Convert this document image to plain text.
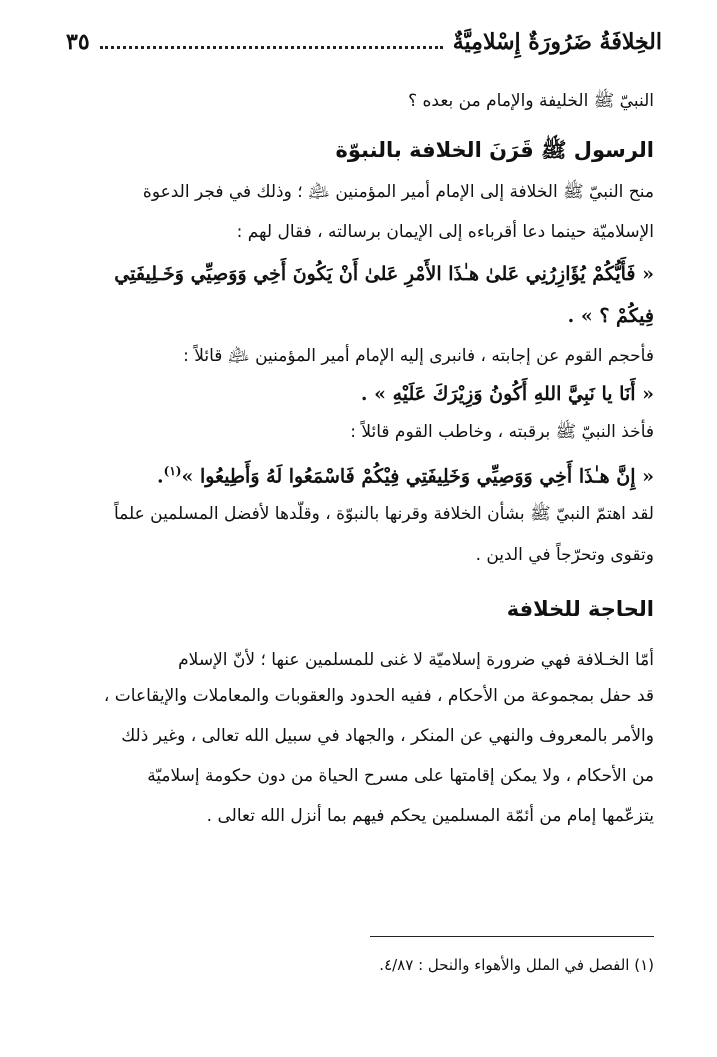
٣٥	الخِلافَةُ ضَرُورَةٌ إِسْلامِيَّةٌ
النبيّ ﷺ الخليفة والإمام من بعده ؟
الرسول ﷺ قَرَنَ الخلافة بالنبوّة
منح النبيّ ﷺ الخلافة إلى الإمام أمير المؤمنين ﵇ ؛ وذلك في فجر الدعوة
الإسلاميّة حينما دعا أقرباءه إلى الإيمان برسالته ، فقال لهم :
« فَأَيُّكُمْ يُؤَازِرُنِي عَلىٰ هـٰذَا الأَمْرِ عَلىٰ أَنْ يَكُونَ أَخِي وَوَصِيِّي وَخَـلِيفَتِي
فِيكُمْ ؟ » .
فأحجم القوم عن إجابته ، فانبرى إليه الإمام أمير المؤمنين ﵇ قائلاً :
« أَنَا يا نَبِيَّ اللهِ أَكُونُ وَزِيْرَكَ عَلَيْهِ » .
فأخذ النبيّ ﷺ برقبته ، وخاطب القوم قائلاً :
« إِنَّ هـٰذَا أَخِي وَوَصِيِّي وَخَلِيفَتِي فِيْكُمْ فَاسْمَعُوا لَهُ وَأَطِيعُوا »$^{(١)}$.
لقد اهتمّ النبيّ ﷺ بشأن الخلافة وقرنها بالنبوّة ، وقلّدها لأفضل المسلمين علماً
وتقوى وتحرّجاً في الدين .
الحاجة للخلافة
أمّا الخـلافة فهي ضرورة إسلاميّة لا غنى للمسلمين عنها ؛ لأنّ الإسلام
قد حفل بمجموعة من الأحكام ، ففيه الحدود والعقوبات والمعاملات والإيقاعات ،
والأمر بالمعروف والنهي عن المنكر ، والجهاد في سبيل الله تعالى ، وغير ذلك
من الأحكام ، ولا يمكن إقامتها على مسرح الحياة من دون حكومة إسلاميّة
يتزعّمها إمام من أئمّة المسلمين يحكم فيهم بما أنزل الله تعالى .
(١) الفصل في الملل والأهواء والنحل : ٤/٨٧.
